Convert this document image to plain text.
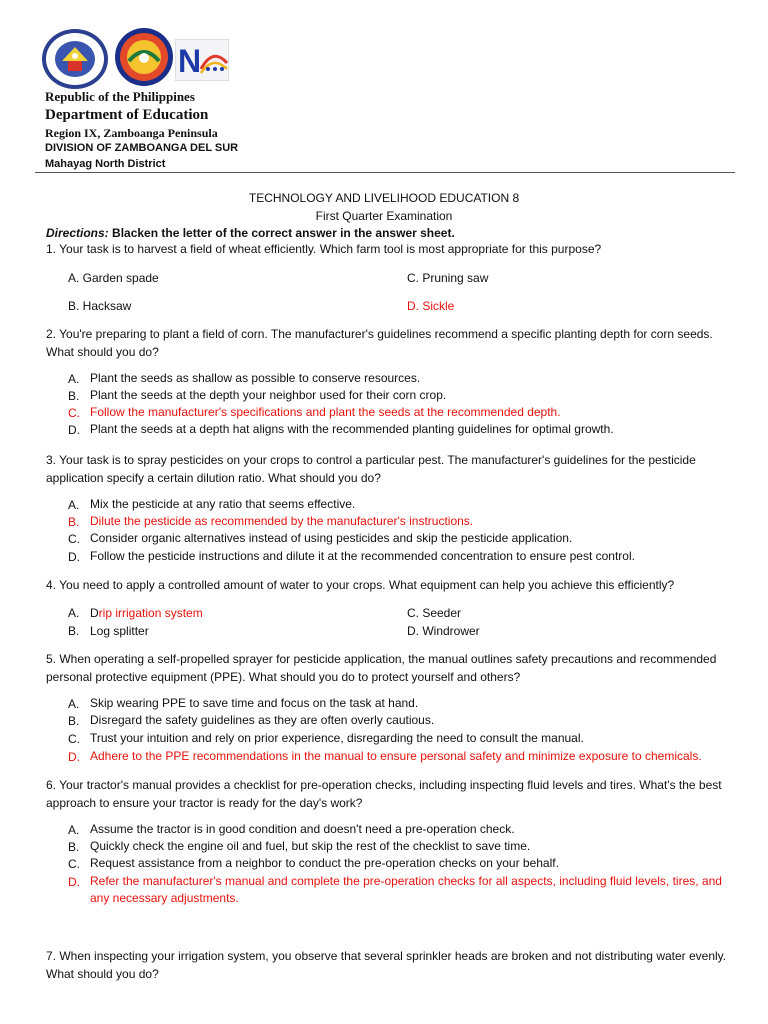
N
Republic of the Philippines
Department of Education
Region IX, Zamboanga Peninsula
DIVISION OF ZAMBOANGA DEL SUR
Mahayag North District
TECHNOLOGY AND LIVELIHOOD EDUCATION 8
First Quarter Examination
Directions: Blacken the letter of the correct answer in the answer sheet.
1. Your task is to harvest a field of wheat efficiently. Which farm tool is most appropriate for this purpose?
A. Garden spade	C. Pruning saw
B. Hacksaw	D. Sickle
2. You're preparing to plant a field of corn. The manufacturer's guidelines recommend a specific planting depth for corn seeds. What should you do?
A. Plant the seeds as shallow as possible to conserve resources.
B. Plant the seeds at the depth your neighbor used for their corn crop.
C. Follow the manufacturer's specifications and plant the seeds at the recommended depth.
D. Plant the seeds at a depth hat aligns with the recommended planting guidelines for optimal growth.
3. Your task is to spray pesticides on your crops to control a particular pest. The manufacturer's guidelines for the pesticide application specify a certain dilution ratio. What should you do?
A. Mix the pesticide at any ratio that seems effective.
B. Dilute the pesticide as recommended by the manufacturer's instructions.
C. Consider organic alternatives instead of using pesticides and skip the pesticide application.
D. Follow the pesticide instructions and dilute it at the recommended concentration to ensure pest control.
4. You need to apply a controlled amount of water to your crops. What equipment can help you achieve this efficiently?
A. Drip irrigation system	C. Seeder
B. Log splitter	D. Windrower
5. When operating a self-propelled sprayer for pesticide application, the manual outlines safety precautions and recommended personal protective equipment (PPE). What should you do to protect yourself and others?
A. Skip wearing PPE to save time and focus on the task at hand.
B. Disregard the safety guidelines as they are often overly cautious.
C. Trust your intuition and rely on prior experience, disregarding the need to consult the manual.
D. Adhere to the PPE recommendations in the manual to ensure personal safety and minimize exposure to chemicals.
6. Your tractor's manual provides a checklist for pre-operation checks, including inspecting fluid levels and tires. What's the best approach to ensure your tractor is ready for the day's work?
A. Assume the tractor is in good condition and doesn't need a pre-operation check.
B. Quickly check the engine oil and fuel, but skip the rest of the checklist to save time.
C. Request assistance from a neighbor to conduct the pre-operation checks on your behalf.
D. Refer the manufacturer's manual and complete the pre-operation checks for all aspects, including fluid levels, tires, and any necessary adjustments.
7. When inspecting your irrigation system, you observe that several sprinkler heads are broken and not distributing water evenly. What should you do?
